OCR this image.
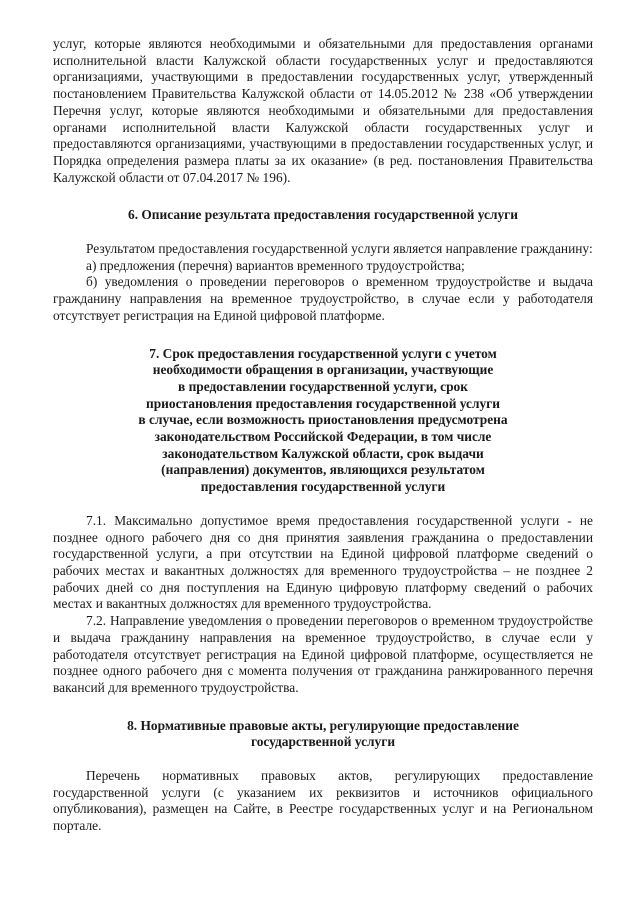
услуг, которые являются необходимыми и обязательными для предоставления органами исполнительной власти Калужской области государственных услуг и предоставляются организациями, участвующими в предоставлении государственных услуг, утвержденный постановлением Правительства Калужской области от 14.05.2012 № 238 «Об утверждении Перечня услуг, которые являются необходимыми и обязательными для предоставления органами исполнительной власти Калужской области государственных услуг и предоставляются организациями, участвующими в предоставлении государственных услуг, и Порядка определения размера платы за их оказание» (в ред. постановления Правительства Калужской области от 07.04.2017 № 196).

6. Описание результата предоставления государственной услуги

Результатом предоставления государственной услуги является направление гражданину:

а) предложения (перечня) вариантов временного трудоустройства;

б) уведомления о проведении переговоров о временном трудоустройстве и выдача гражданину направления на временное трудоустройство, в случае если у работодателя отсутствует регистрация на Единой цифровой платформе.

7. Срок предоставления государственной услуги с учетом
необходимости обращения в организации, участвующие
в предоставлении государственной услуги, срок
приостановления предоставления государственной услуги
в случае, если возможность приостановления предусмотрена
законодательством Российской Федерации, в том числе
законодательством Калужской области, срок выдачи
(направления) документов, являющихся результатом
предоставления государственной услуги

7.1. Максимально допустимое время предоставления государственной услуги - не позднее одного рабочего дня со дня принятия заявления гражданина о предоставлении государственной услуги, а при отсутствии на Единой цифровой платформе сведений о рабочих местах и вакантных должностях для временного трудоустройства – не позднее 2 рабочих дней со дня поступления на Единую цифровую платформу сведений о рабочих местах и вакантных должностях для временного трудоустройства.

7.2. Направление уведомления о проведении переговоров о временном трудоустройстве и выдача гражданину направления на временное трудоустройство, в случае если у работодателя отсутствует регистрация на Единой цифровой платформе, осуществляется не позднее одного рабочего дня с момента получения от гражданина ранжированного перечня вакансий для временного трудоустройства.

8. Нормативные правовые акты, регулирующие предоставление
государственной услуги

Перечень нормативных правовых актов, регулирующих предоставление государственной услуги (с указанием их реквизитов и источников официального опубликования), размещен на Сайте, в Реестре государственных услуг и на Региональном портале.
